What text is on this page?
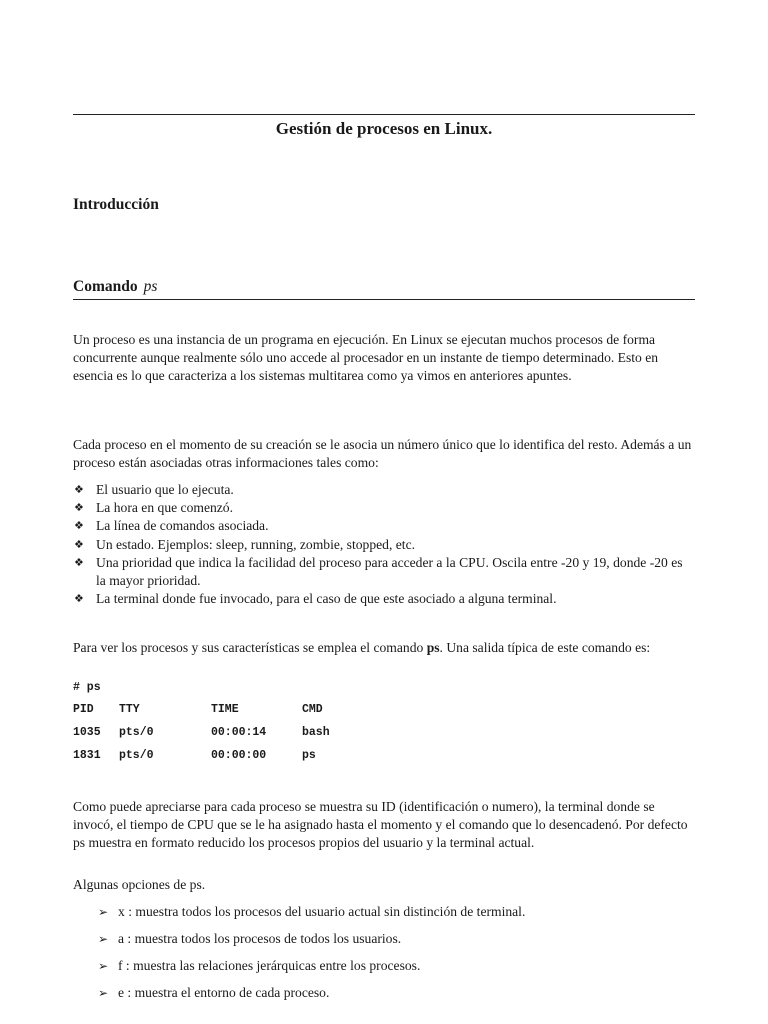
Gestión de procesos en Linux.
Introducción
Comando ps

Un proceso es una instancia de un programa en ejecución. En Linux se ejecutan muchos procesos de forma concurrente aunque realmente sólo uno accede al procesador en un instante de tiempo determinado. Esto en esencia es lo que caracteriza a los sistemas multitarea como ya vimos en anteriores apuntes.

Cada proceso en el momento de su creación se le asocia un número único que lo identifica del resto. Además a un proceso están asociadas otras informaciones tales como:

❖ El usuario que lo ejecuta.
❖ La hora en que comenzó.
❖ La línea de comandos asociada.
❖ Un estado. Ejemplos: sleep, running, zombie, stopped, etc.
❖ Una prioridad que indica la facilidad del proceso para acceder a la CPU. Oscila entre -20 y 19, donde -20 es la mayor prioridad.
❖ La terminal donde fue invocado, para el caso de que este asociado a alguna terminal.

Para ver los procesos y sus características se emplea el comando ps. Una salida típica de este comando es:

# ps
PID TTY	TIME	CMD
1035 pts/0	00:00:14	bash
1831 pts/0	00:00:00	ps

Como puede apreciarse para cada proceso se muestra su ID (identificación o numero), la terminal donde se invocó, el tiempo de CPU que se le ha asignado hasta el momento y el comando que lo desencadenó. Por defecto ps muestra en formato reducido los procesos propios del usuario y la terminal actual.

Algunas opciones de ps.

➢ x : muestra todos los procesos del usuario actual sin distinción de terminal.
➢ a : muestra todos los procesos de todos los usuarios.
➢ f : muestra las relaciones jerárquicas entre los procesos.
➢ e : muestra el entorno de cada proceso.
